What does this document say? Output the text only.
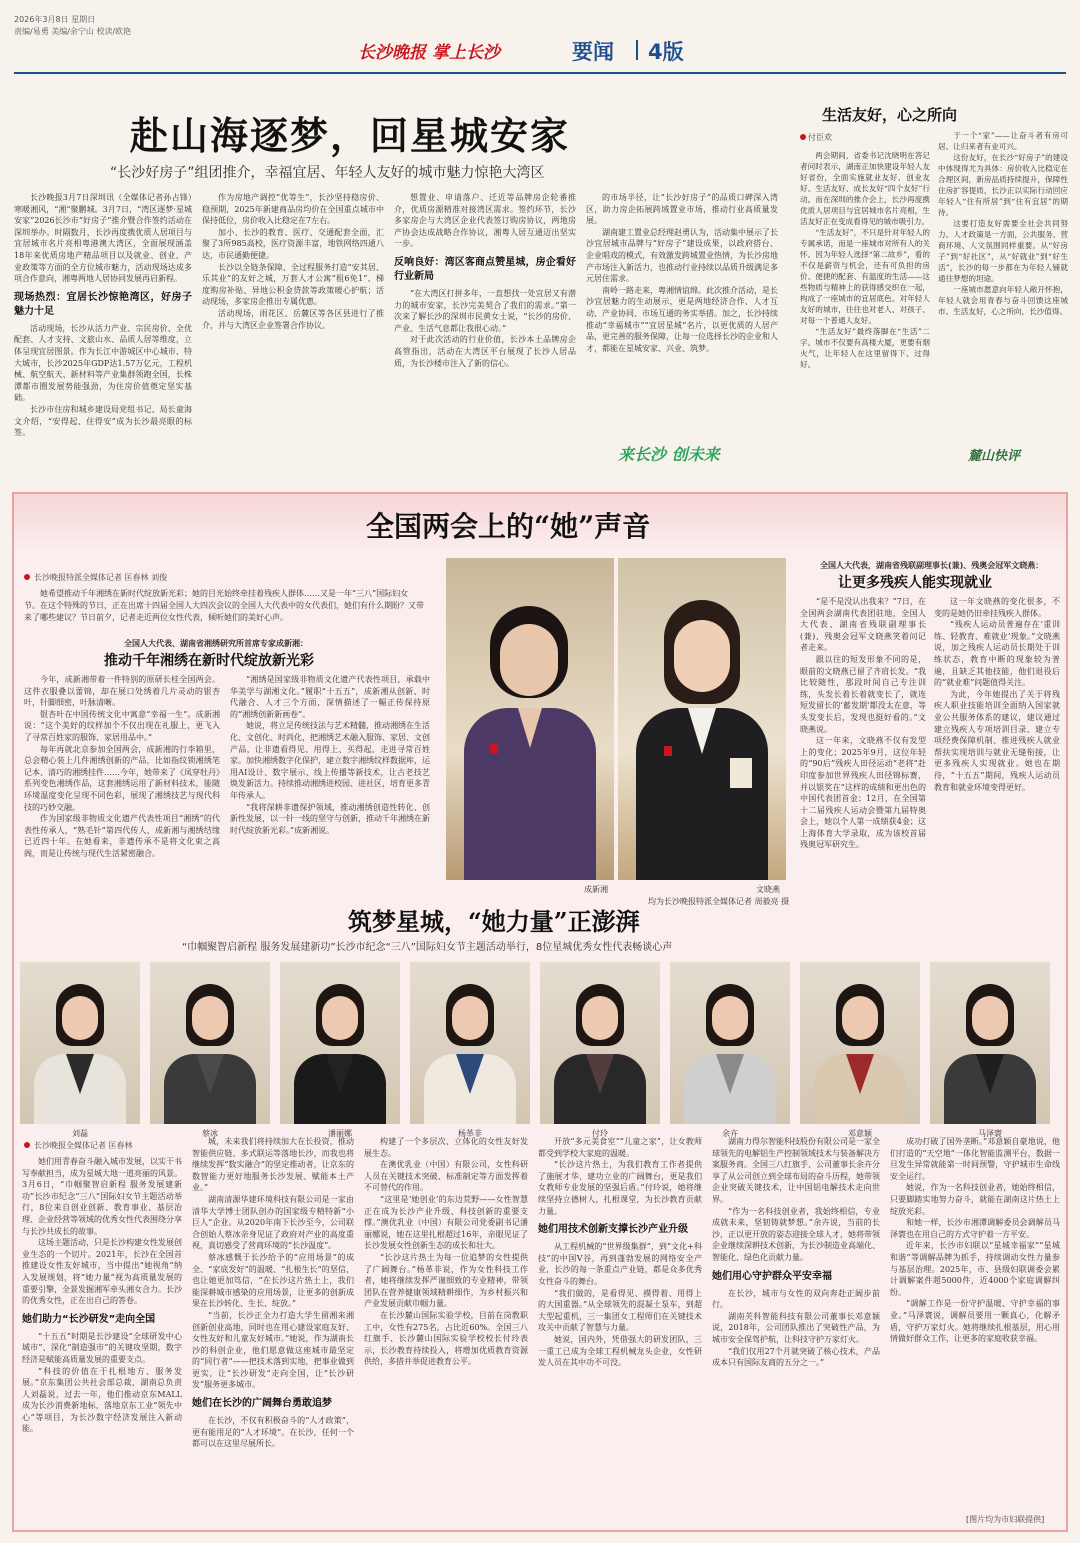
2026年3月8日 星期日
责编/易勇 美编/余宁山 校读/欧艳
长沙晚报 掌上长沙	要闻 4版
赴山海逐梦，回星城安家
“长沙好房子”组团推介，幸福宜居、年轻人友好的城市魅力惊艳大湾区

长沙晚报3月7日深圳讯（全媒体记者孙占锋）寒暖湘风，“湘”聚鹏城。3月7日，“湾区逐梦·星城安家”2026长沙市“好房子”推介暨合作签约活动在深圳举办。时隔数月，长沙再度携优质人居项目与宜居城市名片亮相粤港澳大湾区，全面展现涵盖18年来优质房地产精品项目以及就业、创业、产业政策等方面的全方位城市魅力，活动现场达成多项合作意向，湘粤两地人居协同发展再启新程。

现场热烈：宜居长沙惊艳湾区，好房子魅力十足

活动现场，长沙从活力产业、宗民房价、全优配套、人才支持、文旅山水、品质人居等维度，立体呈现宜居图景。作为长江中游城区中心城市、特大城市，长沙2025年GDP达1.57万亿元，工程机械、航空航天、新材料等产业集群领跑全国，长株潭都市圈发展势能强劲，为住房价值奠定坚实基础。

长沙市住房和城乡建设局党组书记、局长童海文介绍，“安得起、住得安”成为长沙最亮眼的标签。

作为房地产调控“优等生”，长沙坚持稳房价、稳预期，2025年新建商品房均价在全国重点城市中保持低位，房价收入比稳定在7左右。

加小、长沙的教育、医疗、交通配套全面，汇聚了3所985高校，医疗资源丰富，地铁网络四通八达，市民通勤便捷。

长沙以全链条保障、全过程服务打造“安其居、乐其业”的友好之城，万套人才公寓“租6免1”、梯度购房补贴、异地公积金贷款等政策暖心护航；活动现场，多家房企推出专属优惠。

活动现场，雨花区、岳麓区等各区县进行了推介，并与大湾区企业签署合作协议。

想置业、申请落户、迁近等品牌房企轮番推介，优质房源精准对接湾区需求。签约环节，长沙多家房企与大湾区企业代表签订购房协议，两地房产协会达成战略合作协议，湘粤人居互通迈出坚实一步。

反响良好：湾区客商点赞星城，房企看好行业新局

“在大湾区打拼多年，一直想找一处宜居又有潜力的城市安家，长沙完美契合了我们的需求。”第一次来了解长沙的深圳市民黄女士说，“长沙的房价、产业、生活气息都让我很心动。”

对于此次活动的行业价值，长沙本土品牌房企高管指出，活动在大湾区平台展现了长沙人居品质，为长沙楼市注入了新的信心。

的市场半径，让“长沙好房子”的品质口碑深入湾区，助力房企拓展跨域置业市场，推动行业高质量发展。

湖南建工置业总经理赵勇认为，活动集中展示了长沙宜居城市品牌与“好房子”建设成果，以政府搭台、企业唱戏的模式，有效激发跨城置业热情，为长沙房地产市场注入新活力，也推动行业持续以品质升级满足多元居住需求。

南岭一路走来，粤湘情谊绵。此次推介活动，是长沙宜居魅力的生动展示，更是两地经济合作、人才互动、产业协同、市场互通的务实举措。加之，长沙持续推动“幸福城市”“宜居星城”名片，以更优质的人居产品，更完善的服务保障，让每一位选择长沙的企业和人才，都能在星城安家、兴业、筑梦。

来长沙 创未来
生活友好，心之所向
付臣欢

两会期间，省委书记沈晓明在答记者问时表示，湖南正加快建设年轻人友好省份，全面实施就业友好、创业友好、生活友好、成长友好“四个友好”行动。而在深圳的推介会上，长沙再度携优质人居项目与宜居城市名片亮相，生活友好正在变成看得见的城市吸引力。

“生活友好”，不只是针对年轻人的专属承诺，而是一座城市对所有人的关怀。因为年轻人选择“第二故乡”，看的不仅是薪资与机会，还有可负担的房价、便捷的配套、有温度的生活——这些物质与精神上的获得感交织在一起，构成了一座城市的宜居底色。对年轻人友好的城市，往往也对老人、对孩子、对每一个普通人友好。

“生活友好”最终落脚在“生活”二字。城市不仅要有高楼大厦，更要有烟火气，让年轻人在这里留得下、过得好。

于一个“家”——让奋斗者有房可居、让归来者有业可兴。

这份友好，在长沙“好房子”的建设中体现得尤为具体：房价收入比稳定在合理区间，新房品质持续提升，保障性住房扩容提质，长沙正以实际行动回应年轻人“住有所居”到“住有宜居”的期待。

这要打造友好需要全社会共同努力。人才政策是一方面，公共服务、营商环境、人文氛围同样重要。从“好房子”到“好社区”，从“好就业”到“好生活”，长沙的每一步都在为年轻人铺就通往梦想的坦途。

一座城市愿意向年轻人敞开怀抱，年轻人就会用青春与奋斗回馈这座城市。生活友好，心之所向，长沙值得。

麓山快评
全国两会上的“她”声音
长沙晚报特派全媒体记者 匡春林 刘俊

她希望推动千年湘绣在新时代绽放新光彩；她的目光始终牵挂着残疾人群体……又是一年“三八”国际妇女节。在这个特殊的节日，正在出席十四届全国人大四次会议的全国人大代表中的女代表们，她们有什么期盼？又带来了哪些建议？节日前夕，记者走近两位女性代表，倾听她们的美好心声。

全国人大代表、湖南省湘绣研究所首席专家成新湘：
推动千年湘绣在新时代绽放新光彩

今年，成新湘带着一件特别的原研长桂全国两会。这件衣服叠以蕾锦，却在展口处绣着几片灵动的银杏叶，针脚细密，叶脉清晰。

银杏叶在中国传统文化中寓意“幸福一生”。成新湘说：“这个美好的纹样加个不仅出现在礼服上，更飞入了寻常百姓家的服饰、家居用品中。”

每年再就北京参加全国两会，成新湘的行李箱里，总会精心装上几件湘绣创新的产品，比如指纹锁湘绣笔记本、清巧的湘绣挂件……今年，她带来了《凤穿牡丹》系列变色湘绣作品，这套湘绣运用了新材料技术，能随环境温度变化呈现不同色彩，展现了湘绣技艺与现代科技的巧妙交融。

作为国家级非物质文化遗产代表性项目“湘绣”的代表性传承人，“熟毛针”第四代传人，成新湘与湘绣结缘已近四十年。在她看来，非遗传承不是将文化束之高阁，而是让传统与现代生活紧密融合。

“湘绣是国家级非物质文化遗产代表性项目，承载中华美学与湖湘文化。”履职“十五五”，成新湘从创新、时代融合、人才三个方面，深情描述了一幅正传保持原的“湘绣创新新画卷”。

她说，将立足传统技法与艺术精髓，推动湘绣在生活化、文创化、时尚化，把湘绣艺术融入服饰、家居、文创产品，让非遗看得见、用得上、买得起，走进寻常百姓家。加快湘绣数字化保护，建立数字湘绣纹样数据库，运用AI设计、数字展示、线上传播等新技术，让古老技艺焕发新活力。持续推动湘绣进校园、进社区，培育更多青年传承人。

“我将深耕非遗保护领域，推动湘绣创造性转化、创新性发展，以一针一线的坚守与创新，推动千年湘绣在新时代绽放新光彩。”成新湘说。

成新湘	文晓燕
均为长沙晚报特派全媒体记者 周毅亮 摄
全国人大代表，湖南省残联副理事长(兼)、残奥会冠军文晓燕：
让更多残疾人能实现就业

“是不是没认出我来？”7日，在全国两会湖南代表团驻地，全国人大代表、湖南省残联副理事长(兼)、残奥会冠军文晓燕笑着问记者走来。

跟以往的短发形象不同的是，眼前的文晓燕已留了齐肩长发。“我比较随性，那段时间自己专注训练，头发长着长着就变长了，就连短发留长的‘蓄发期’都没太在意，等头发变长后，发现也挺好看的。”文晓燕说。

这一年来，文晓燕不仅有发型上的变化；2025年9月，这位年轻的“90后”残疾人田径运动“老将”赴印度参加世界残疾人田径锦标赛，并以银奖在“这样的成绩和更出色的中国代表团首金；12月，在全国第十二届残疾人运动会暨第九届特奥会上，她以个人第一成绩获4金；这上海体育大学录取，成为该校首届残奥冠军研究生。

这一年文晓燕的变化很多，不变的是她仍旧牵挂残疾人群体。

“残疾人运动员普遍存在‘重训练、轻教育、难就业’现象。”文晓燕说，加之残疾人运动员长期处于训练状态，教育中断的现象较为普遍，且缺乏其他技能，他们退役后的“就业难”问题值得关注。

为此，今年她提出了关于将残疾人职业技能培训全面纳入国家就业公共服务体系的建议，建议通过建立残疾人专项培训目录、建立专项经费保障机制、推进残疾人就业帮扶实现培训与就业无缝衔接，让更多残疾人实现就业。她也在期待，“十五五”期间，残疾人运动员教育和就业环境变得更好。

筑梦星城，“她力量”正澎湃
“巾帼聚智启新程 服务发展建新功”长沙市纪念“三八”国际妇女节主题活动举行，8位星城优秀女性代表畅谈心声
刘磊	蔡冰	潘丽娜	杨革非	付玲	余卉	邓意颖	马泽寰
长沙晚报全媒体记者 匡春林

她们用青春奋斗融入城市发展，以实干书写奉献担当，成为星城大地一道亮丽的风景。3月6日，“巾帼聚智启新程 服务发展建新功”长沙市纪念“三八”国际妇女节主题活动举行，8位来自创业创新、教育事业、基层治理、企业经营等领域的优秀女性代表围绕分享与长沙共成长的故事。

这场主题活动，只是长沙构建女性发展创业生态的一个切片。2021年，长沙在全国首推建设女性友好城市，当中提出“她视角”纳入发展规划，将“她力量”视为高质量发展的重要引擎，全景发掘湘军牵头湘女合力。长沙的优秀女性，正在出自己的答卷。

她们助力“长沙研发”走向全国

“十五五”时期是长沙建设“全球研发中心城市”、深化“制造强市”的关键攻坚期，数字经济是赋能高质量发展的重要支点。

“科技的价值在于扎根地方、服务发展。”京东集团公共社会部总裁，湖南总负责人刘磊说，过去一年，他们推动京东MALL成为长沙消费新地标，落地京东工业“领先中心”等项目，为长沙数字经济发展注入新动能。

城，未来我们将持续加大在长投资，推动智能供应链、多式联运等落地长沙，而我也将继续发挥“数实融合”的坚定推动者，让京东的数智能力更好地服务长沙发展、赋能本土产业。”

湖南清源华建环境科技有限公司是一家由清华大学博士团队创办的国家级专精特新“小巨人”企业。从2020年南下长沙至今，公司联合创始人蔡冰亲身见证了政府对产业的高度重视，真切感受了营商环境的“长沙温度”。

蔡冰感慨于长沙给予的“应用场景”的成全、“家底发好”的温暖、“扎根生长”的坚信，也让她更加笃信，“在长沙这片热土上，我们能深耕城市感染的应用场景，让更多的创新成果在长沙转化、生长、绽放。”

“当前，长沙正全力打造大学生留湘来湘创新创业高地，同时也在用心建设家庭友好、女性友好和儿童友好城市。”她说，作为湖南长沙的科创企业，他们愿意做这座城市最坚定的“同行者”——把技术落到实地，把事业做到更实，让“长沙研发”走向全国，让“长沙研发”服务更多城市。

她们在长沙的广阔舞台勇敢追梦

在长沙，不仅有积极奋斗的“人才政策”，更有能用足的“人才环境”。在长沙，任何一个都可以在这里尽展所长。

构建了一个多层次、立体化的女性友好发展生态。

在澳优乳业（中国）有限公司，女性科研人员在关键技术突破、标准制定等方面发挥着不可替代的作用。

“这里是‘她创业’的东边荒野——女性智慧正在成为长沙产业升级、科技创新的重要支撑。”澳优乳业（中国）有限公司党委副书记潘丽娜说，她在这里扎根超过16年，亲眼见证了长沙发展女性创新生态的成长和壮大。

“长沙这片热土为每一位追梦的女性提供了广阔舞台。”杨革非说，作为女性科技工作者，她将继续发挥严谨细致的专业精神，带领团队在营养健康领域精耕细作，为乡村振兴和产业发展贡献巾帼力量。

在长沙麓山国际实验学校，目前在岗教职工中，女性有275名，占比近60%。全国三八红旗手、长沙麓山国际实验学校校长付玲表示，长沙教育持续投入，将增加优质教育资源供给，多措并举促进教育公平。

开放“多元美食室”“儿童之家”，让女教师都受到学校大家庭的温暖。

“长沙这片热土，为我们教育工作者提供了施展才华、建功立业的广阔舞台，更是我们女教师专业发展的坚强后盾。”付玲说，她将继续坚持立德树人，扎根课堂，为长沙教育贡献力量。

她们用技术创新支撑长沙产业升级

从工程机械的“世界级集群”，到“文化+科技”的中国V谷，再到蓬勃发展的网络安全产业，长沙的每一条重点产业链，都是众多优秀女性奋斗的舞台。

“我们做的，是看得见、摸得着、用得上的大国重器。”从全球领先的混凝土泵车，到超大型起重机，三一集团女工程师们在关键技术攻关中贡献了智慧与力量。

她说，国内外，凭借强大的研发团队，三一重工已成为全球工程机械龙头企业，女性研发人员在其中功不可没。

湖南力得尔智能科技股份有限公司是一家全球领先的电解铝生产控制领域技术与装备解决方案服务商。全国三八红旗手、公司董事长余卉分享了从公司创立到全球布局的奋斗历程，她带领企业突破关键技术，让中国铝电解技术走向世界。

“作为一名科技创业者，我始终相信，专业成就未来，坚韧铸就梦想。”余卉说，当前的长沙，正以更开放的姿态迎接全球人才，她将带领企业继续深耕技术创新，为长沙制造业高端化、智能化、绿色化贡献力量。

她们用心守护群众平安幸福

在长沙，城市与女性的双向奔赴正阔步前行。

湖南芙科智能科技有限公司董事长邓意颖说，2018年，公司团队推出了突破性产品，为城市安全保驾护航，让科技守护万家灯火。

“我们仅用27个月就突破了核心技术，产品成本只有国际友商的五分之一。”

成功打破了国外垄断。”邓意颖自豪地说，他们打造的“天空地”一体化智能监测平台，数据一旦发生异常就能第一时间预警，守护城市生命线安全运行。

她说，作为一名科技创业者，她始终相信，只要脚踏实地努力奋斗，就能在湖南这片热土上绽放光彩。

和她一样，长沙市湘潭调解委员会调解员马泽寰也在用自己的方式守护着一方平安。

近年来，长沙市妇联以“星城幸福家”“星城和谐”等调解品牌为抓手，持续调动女性力量参与基层治理。2025年，市、县级妇联调委会累计调解案件超5000件，近4000个家庭调解纠纷。

“调解工作是一份守护温暖、守护幸福的事业。”马泽寰说，调解员要用一颗真心，化解矛盾，守护万家灯火。她将继续扎根基层，用心用情做好群众工作，让更多的家庭收获幸福。

[图片均为市妇联提供]
